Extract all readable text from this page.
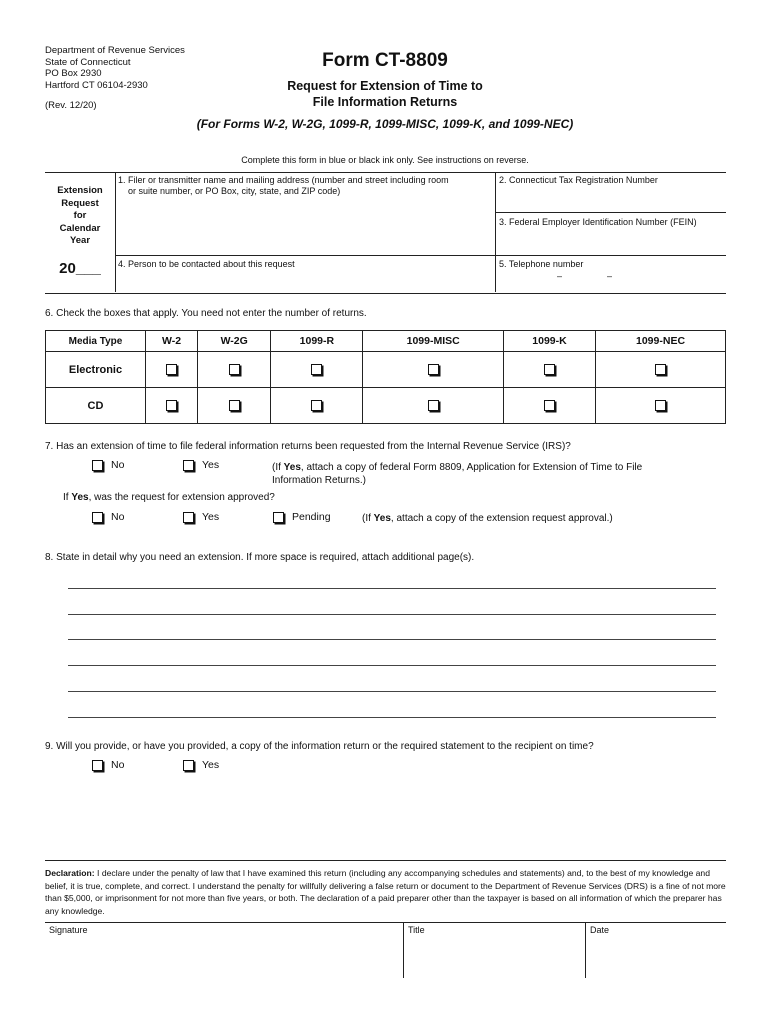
Department of Revenue Services
State of Connecticut
PO Box 2930
Hartford CT 06104-2930
(Rev. 12/20)
Form CT-8809
Request for Extension of Time to
File Information Returns
(For Forms W-2, W-2G, 1099-R, 1099-MISC, 1099-K, and 1099-NEC)
Complete this form in blue or black ink only. See instructions on reverse.
Extension
Request
for
Calendar
Year
20___
1. Filer or transmitter name and mailing address (number and street including room
or suite number, or PO Box, city, state, and ZIP code)
2. Connecticut Tax Registration Number
3. Federal Employer Identification Number (FEIN)
4. Person to be contacted about this request	5. Telephone number
–	–
6. Check the boxes that apply. You need not enter the number of returns.
Media Type	W-2	W-2G	1099-R	1099-MISC	1099-K	1099-NEC
Electronic						
CD						
7. Has an extension of time to file federal information returns been requested from the Internal Revenue Service (IRS)?
No	Yes	(If Yes, attach a copy of federal Form 8809, Application for Extension of Time to File
Information Returns.)
If Yes, was the request for extension approved?
No	Yes	Pending	(If Yes, attach a copy of the extension request approval.)
8. State in detail why you need an extension. If more space is required, attach additional page(s).
9. Will you provide, or have you provided, a copy of the information return or the required statement to the recipient on time?
No	Yes
Declaration: I declare under the penalty of law that I have examined this return (including any accompanying schedules and statements) and, to the best of my knowledge and belief, it is true, complete, and correct. I understand the penalty for willfully delivering a false return or document to the Department of Revenue Services (DRS) is a fine of not more than $5,000, or imprisonment for not more than five years, or both. The declaration of a paid preparer other than the taxpayer is based on all information of which the preparer has any knowledge.
Signature	Title	Date
